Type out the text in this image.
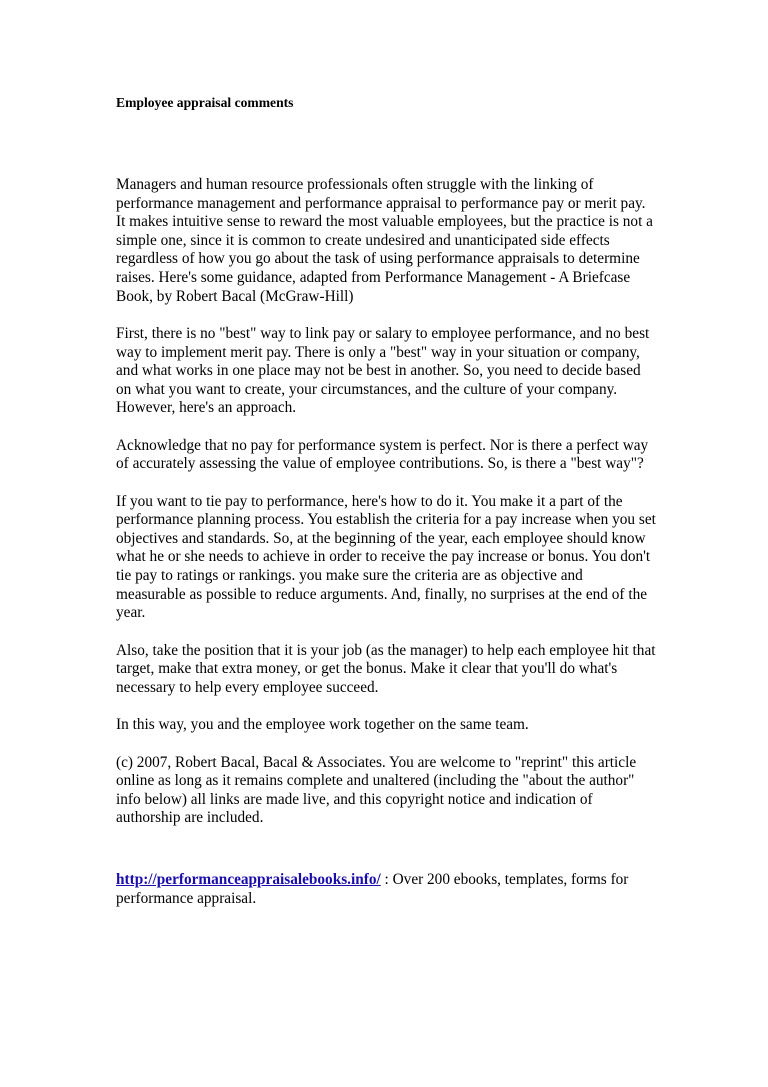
Employee appraisal comments

Managers and human resource professionals often struggle with the linking of performance management and performance appraisal to performance pay or merit pay. It makes intuitive sense to reward the most valuable employees, but the practice is not a simple one, since it is common to create undesired and unanticipated side effects regardless of how you go about the task of using performance appraisals to determine raises. Here's some guidance, adapted from Performance Management - A Briefcase Book, by Robert Bacal (McGraw-Hill)

First, there is no "best" way to link pay or salary to employee performance, and no best way to implement merit pay. There is only a "best" way in your situation or company, and what works in one place may not be best in another. So, you need to decide based on what you want to create, your circumstances, and the culture of your company. However, here's an approach.

Acknowledge that no pay for performance system is perfect. Nor is there a perfect way of accurately assessing the value of employee contributions. So, is there a "best way"?

If you want to tie pay to performance, here's how to do it. You make it a part of the performance planning process. You establish the criteria for a pay increase when you set objectives and standards. So, at the beginning of the year, each employee should know what he or she needs to achieve in order to receive the pay increase or bonus. You don't tie pay to ratings or rankings. you make sure the criteria are as objective and measurable as possible to reduce arguments. And, finally, no surprises at the end of the year.

Also, take the position that it is your job (as the manager) to help each employee hit that target, make that extra money, or get the bonus. Make it clear that you'll do what's necessary to help every employee succeed.

In this way, you and the employee work together on the same team.

(c) 2007, Robert Bacal, Bacal & Associates. You are welcome to "reprint" this article online as long as it remains complete and unaltered (including the "about the author" info below) all links are made live, and this copyright notice and indication of authorship are included.

http://performanceappraisalebooks.info/ : Over 200 ebooks, templates, forms for performance appraisal.
